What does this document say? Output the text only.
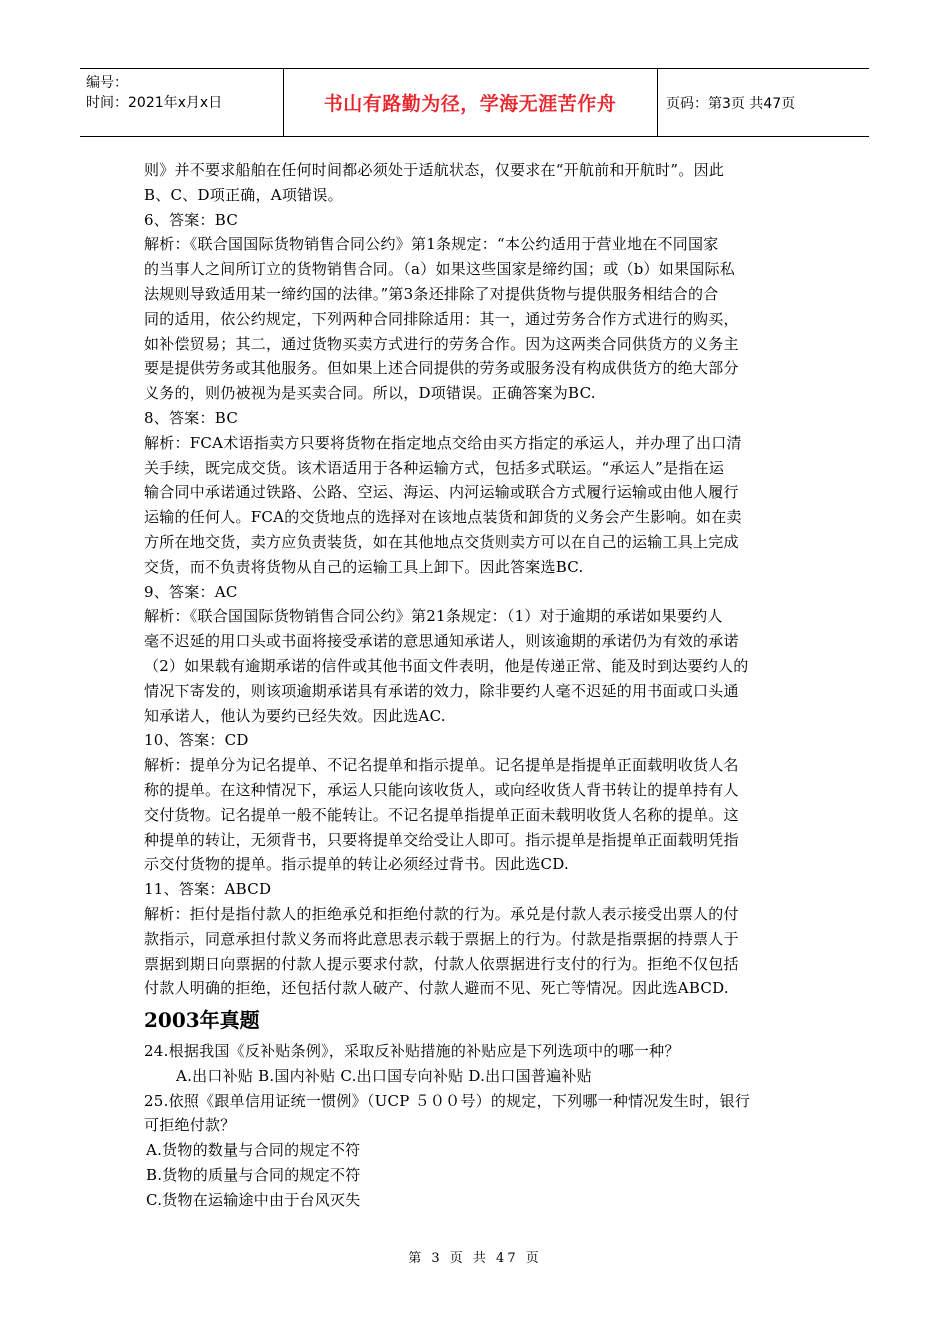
编号：
时间：2021年x月x日	书山有路勤为径，学海无涯苦作舟	页码：第3页 共47页

则》并不要求船舶在任何时间都必须处于适航状态，仅要求在“开航前和开航时”。因此

B、C、D项正确，A项错误。

6、答案：BC

解析：《联合国国际货物销售合同公约》第1条规定：“本公约适用于营业地在不同国家

的当事人之间所订立的货物销售合同。（a）如果这些国家是缔约国；或（b）如果国际私

法规则导致适用某一缔约国的法律。”第3条还排除了对提供货物与提供服务相结合的合

同的适用，依公约规定，下列两种合同排除适用：其一，通过劳务合作方式进行的购买，

如补偿贸易；其二，通过货物买卖方式进行的劳务合作。因为这两类合同供货方的义务主

要是提供劳务或其他服务。但如果上述合同提供的劳务或服务没有构成供货方的绝大部分

义务的，则仍被视为是买卖合同。所以，D项错误。正确答案为BC.

8、答案：BC

解析：FCA术语指卖方只要将货物在指定地点交给由买方指定的承运人，并办理了出口清

关手续，既完成交货。该术语适用于各种运输方式，包括多式联运。“承运人”是指在运

输合同中承诺通过铁路、公路、空运、海运、内河运输或联合方式履行运输或由他人履行

运输的任何人。FCA的交货地点的选择对在该地点装货和卸货的义务会产生影响。如在卖

方所在地交货，卖方应负责装货，如在其他地点交货则卖方可以在自己的运输工具上完成

交货，而不负责将货物从自己的运输工具上卸下。因此答案选BC.

9、答案：AC

解析：《联合国国际货物销售合同公约》第21条规定：（1）对于逾期的承诺如果要约人

毫不迟延的用口头或书面将接受承诺的意思通知承诺人，则该逾期的承诺仍为有效的承诺

（2）如果载有逾期承诺的信件或其他书面文件表明，他是传递正常、能及时到达要约人的

情况下寄发的，则该项逾期承诺具有承诺的效力，除非要约人毫不迟延的用书面或口头通

知承诺人，他认为要约已经失效。因此选AC.

10、答案：CD

解析：提单分为记名提单、不记名提单和指示提单。记名提单是指提单正面载明收货人名

称的提单。在这种情况下，承运人只能向该收货人，或向经收货人背书转让的提单持有人

交付货物。记名提单一般不能转让。不记名提单指提单正面未载明收货人名称的提单。这

种提单的转让，无须背书，只要将提单交给受让人即可。指示提单是指提单正面载明凭指

示交付货物的提单。指示提单的转让必须经过背书。因此选CD.

11、答案：ABCD

解析：拒付是指付款人的拒绝承兑和拒绝付款的行为。承兑是付款人表示接受出票人的付

款指示，同意承担付款义务而将此意思表示载于票据上的行为。付款是指票据的持票人于

票据到期日向票据的付款人提示要求付款，付款人依票据进行支付的行为。拒绝不仅包括

付款人明确的拒绝，还包括付款人破产、付款人避而不见、死亡等情况。因此选ABCD.

2003年真题

24.根据我国《反补贴条例》，采取反补贴措施的补贴应是下列选项中的哪一种？

A.出口补贴 B.国内补贴 C.出口国专向补贴 D.出口国普遍补贴

25.依照《跟单信用证统一惯例》（UCP ５００号）的规定，下列哪一种情况发生时，银行

可拒绝付款？

A.货物的数量与合同的规定不符

B.货物的质量与合同的规定不符

C.货物在运输途中由于台风灭失

第 3 页 共 47 页
